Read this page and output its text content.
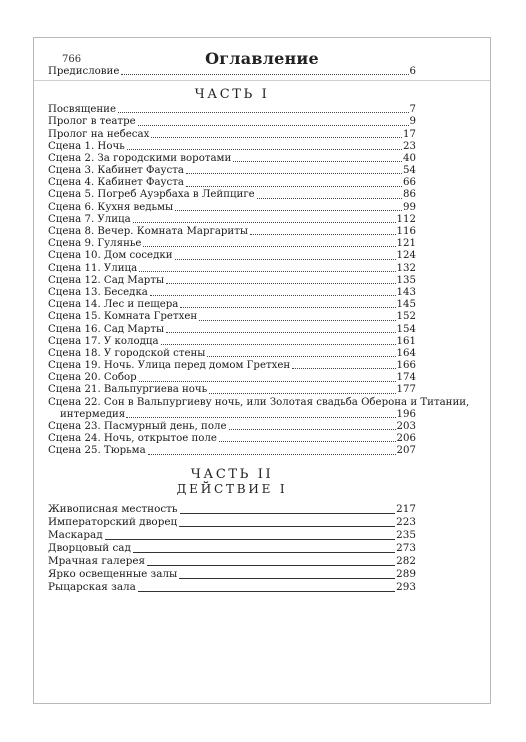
766	Оглавление
Предисловие	6
ЧАСТЬ I
Посвящение	7
Пролог в театре	9
Пролог на небесах	17
Сцена 1. Ночь	23
Сцена 2. За городскими воротами	40
Сцена 3. Кабинет Фауста	54
Сцена 4. Кабинет Фауста	66
Сцена 5. Погреб Ауэрбаха в Лейпциге	86
Сцена 6. Кухня ведьмы	99
Сцена 7. Улица	112
Сцена 8. Вечер. Комната Маргариты	116
Сцена 9. Гулянье	121
Сцена 10. Дом соседки	124
Сцена 11. Улица	132
Сцена 12. Сад Марты	135
Сцена 13. Беседка	143
Сцена 14. Лес и пещера	145
Сцена 15. Комната Гретхен	152
Сцена 16. Сад Марты	154
Сцена 17. У колодца	161
Сцена 18. У городской стены	164
Сцена 19. Ночь. Улица перед домом Гретхен	166
Сцена 20. Собор	174
Сцена 21. Вальпургиева ночь	177
Сцена 22. Сон в Вальпургиеву ночь, или Золотая свадьба Оберона и Титании,
интермедия	196
Сцена 23. Пасмурный день, поле	203
Сцена 24. Ночь, открытое поле	206
Сцена 25. Тюрьма	207
ЧАСТЬ II
ДЕЙСТВИЕ I
Живописная местность	217
Императорский дворец	223
Маскарад	235
Дворцовый сад	273
Мрачная галерея	282
Ярко освещенные залы	289
Рыцарская зала	293
